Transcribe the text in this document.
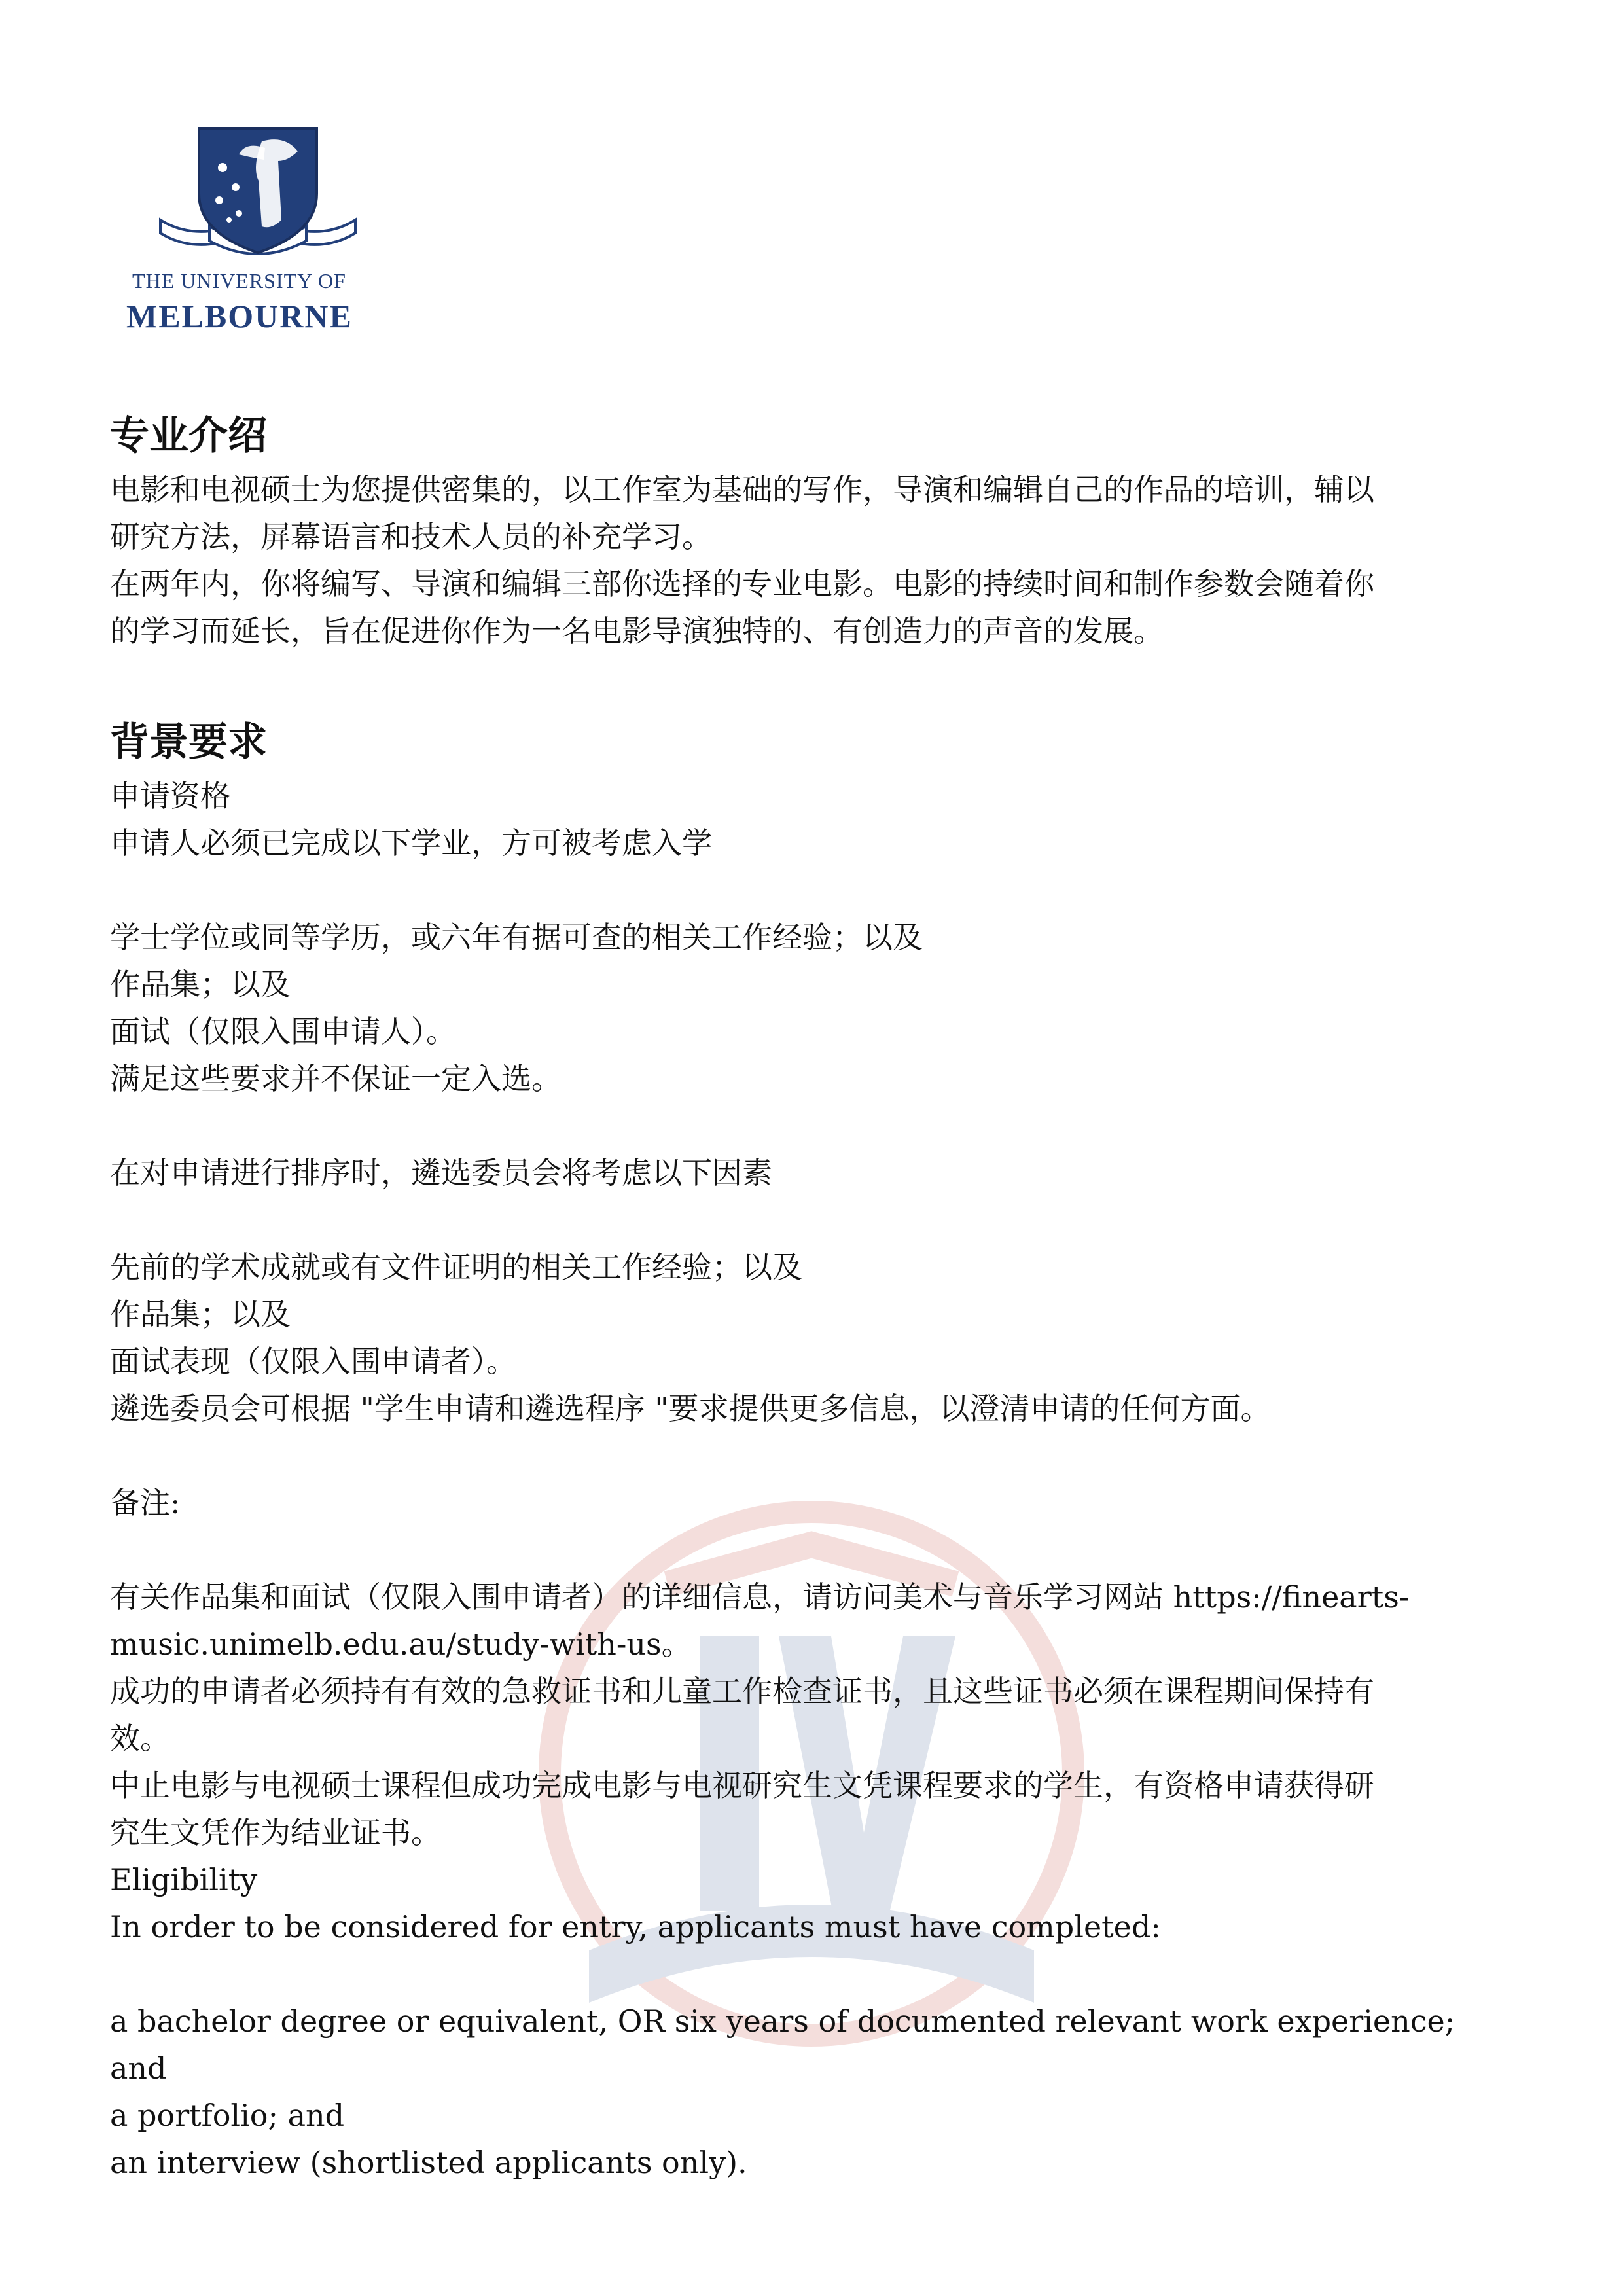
THE UNIVERSITY OF
MELBOURNE
专业介绍

电影和电视硕士为您提供密集的，以工作室为基础的写作，导演和编辑自己的作品的培训，辅以

研究方法，屏幕语言和技术人员的补充学习。

在两年内，你将编写、导演和编辑三部你选择的专业电影。电影的持续时间和制作参数会随着你

的学习而延长，旨在促进你作为一名电影导演独特的、有创造力的声音的发展。

背景要求

申请资格

申请人必须已完成以下学业，方可被考虑入学

学士学位或同等学历，或六年有据可查的相关工作经验；以及

作品集；以及

面试（仅限入围申请人）。

满足这些要求并不保证一定入选。

在对申请进行排序时，遴选委员会将考虑以下因素

先前的学术成就或有文件证明的相关工作经验；以及

作品集；以及

面试表现（仅限入围申请者）。

遴选委员会可根据 "学生申请和遴选程序 "要求提供更多信息，以澄清申请的任何方面。

备注:

有关作品集和面试（仅限入围申请者）的详细信息，请访问美术与音乐学习网站 https://finearts-

music.unimelb.edu.au/study-with-us。

成功的申请者必须持有有效的急救证书和儿童工作检查证书，且这些证书必须在课程期间保持有

效。

中止电影与电视硕士课程但成功完成电影与电视研究生文凭课程要求的学生，有资格申请获得研

究生文凭作为结业证书。

Eligibility

In order to be considered for entry, applicants must have completed:

a bachelor degree or equivalent, OR six years of documented relevant work experience;

and

a portfolio; and

an interview (shortlisted applicants only).
